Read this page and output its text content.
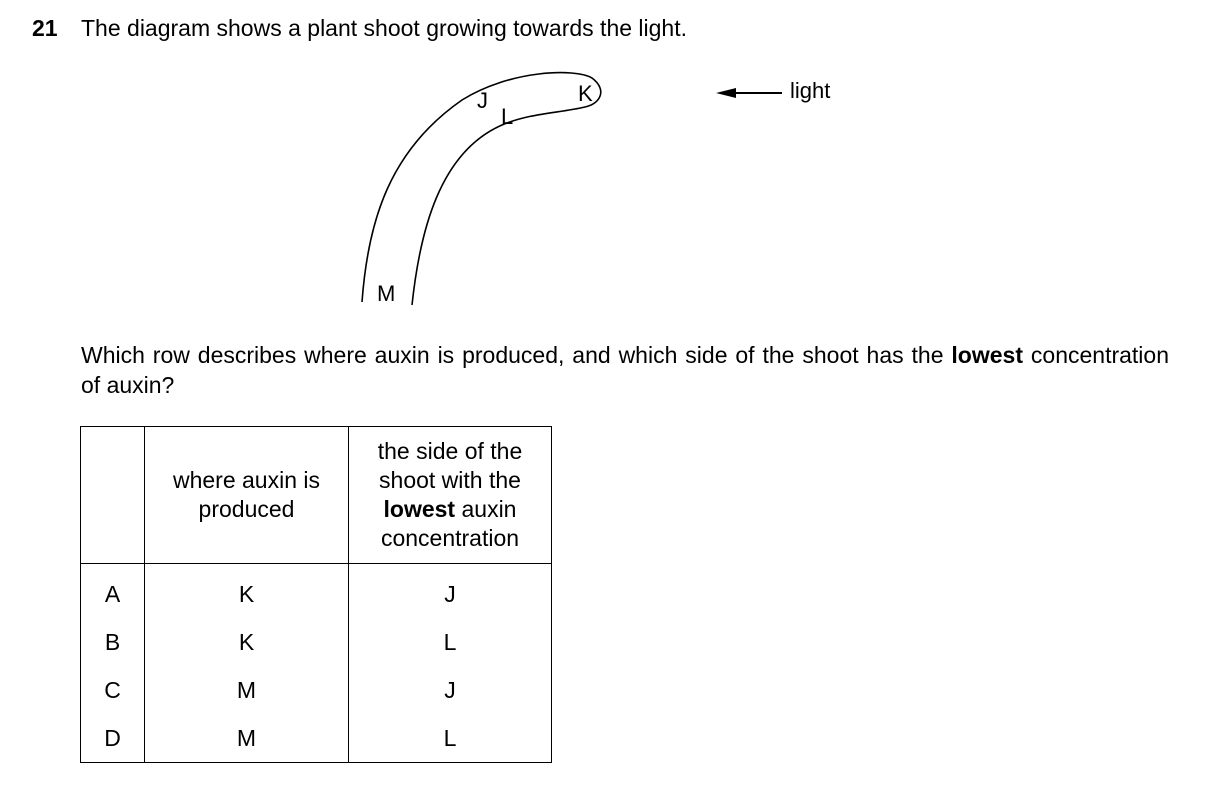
21 The diagram shows a plant shoot growing towards the light.
J
L
K
M
light
Which row describes where auxin is produced, and which side of the shoot has the lowest concentration of auxin?
	where auxin is produced	the side of the shoot with the lowest auxin concentration
A	K	J
B	K	L
C	M	J
D	M	L
